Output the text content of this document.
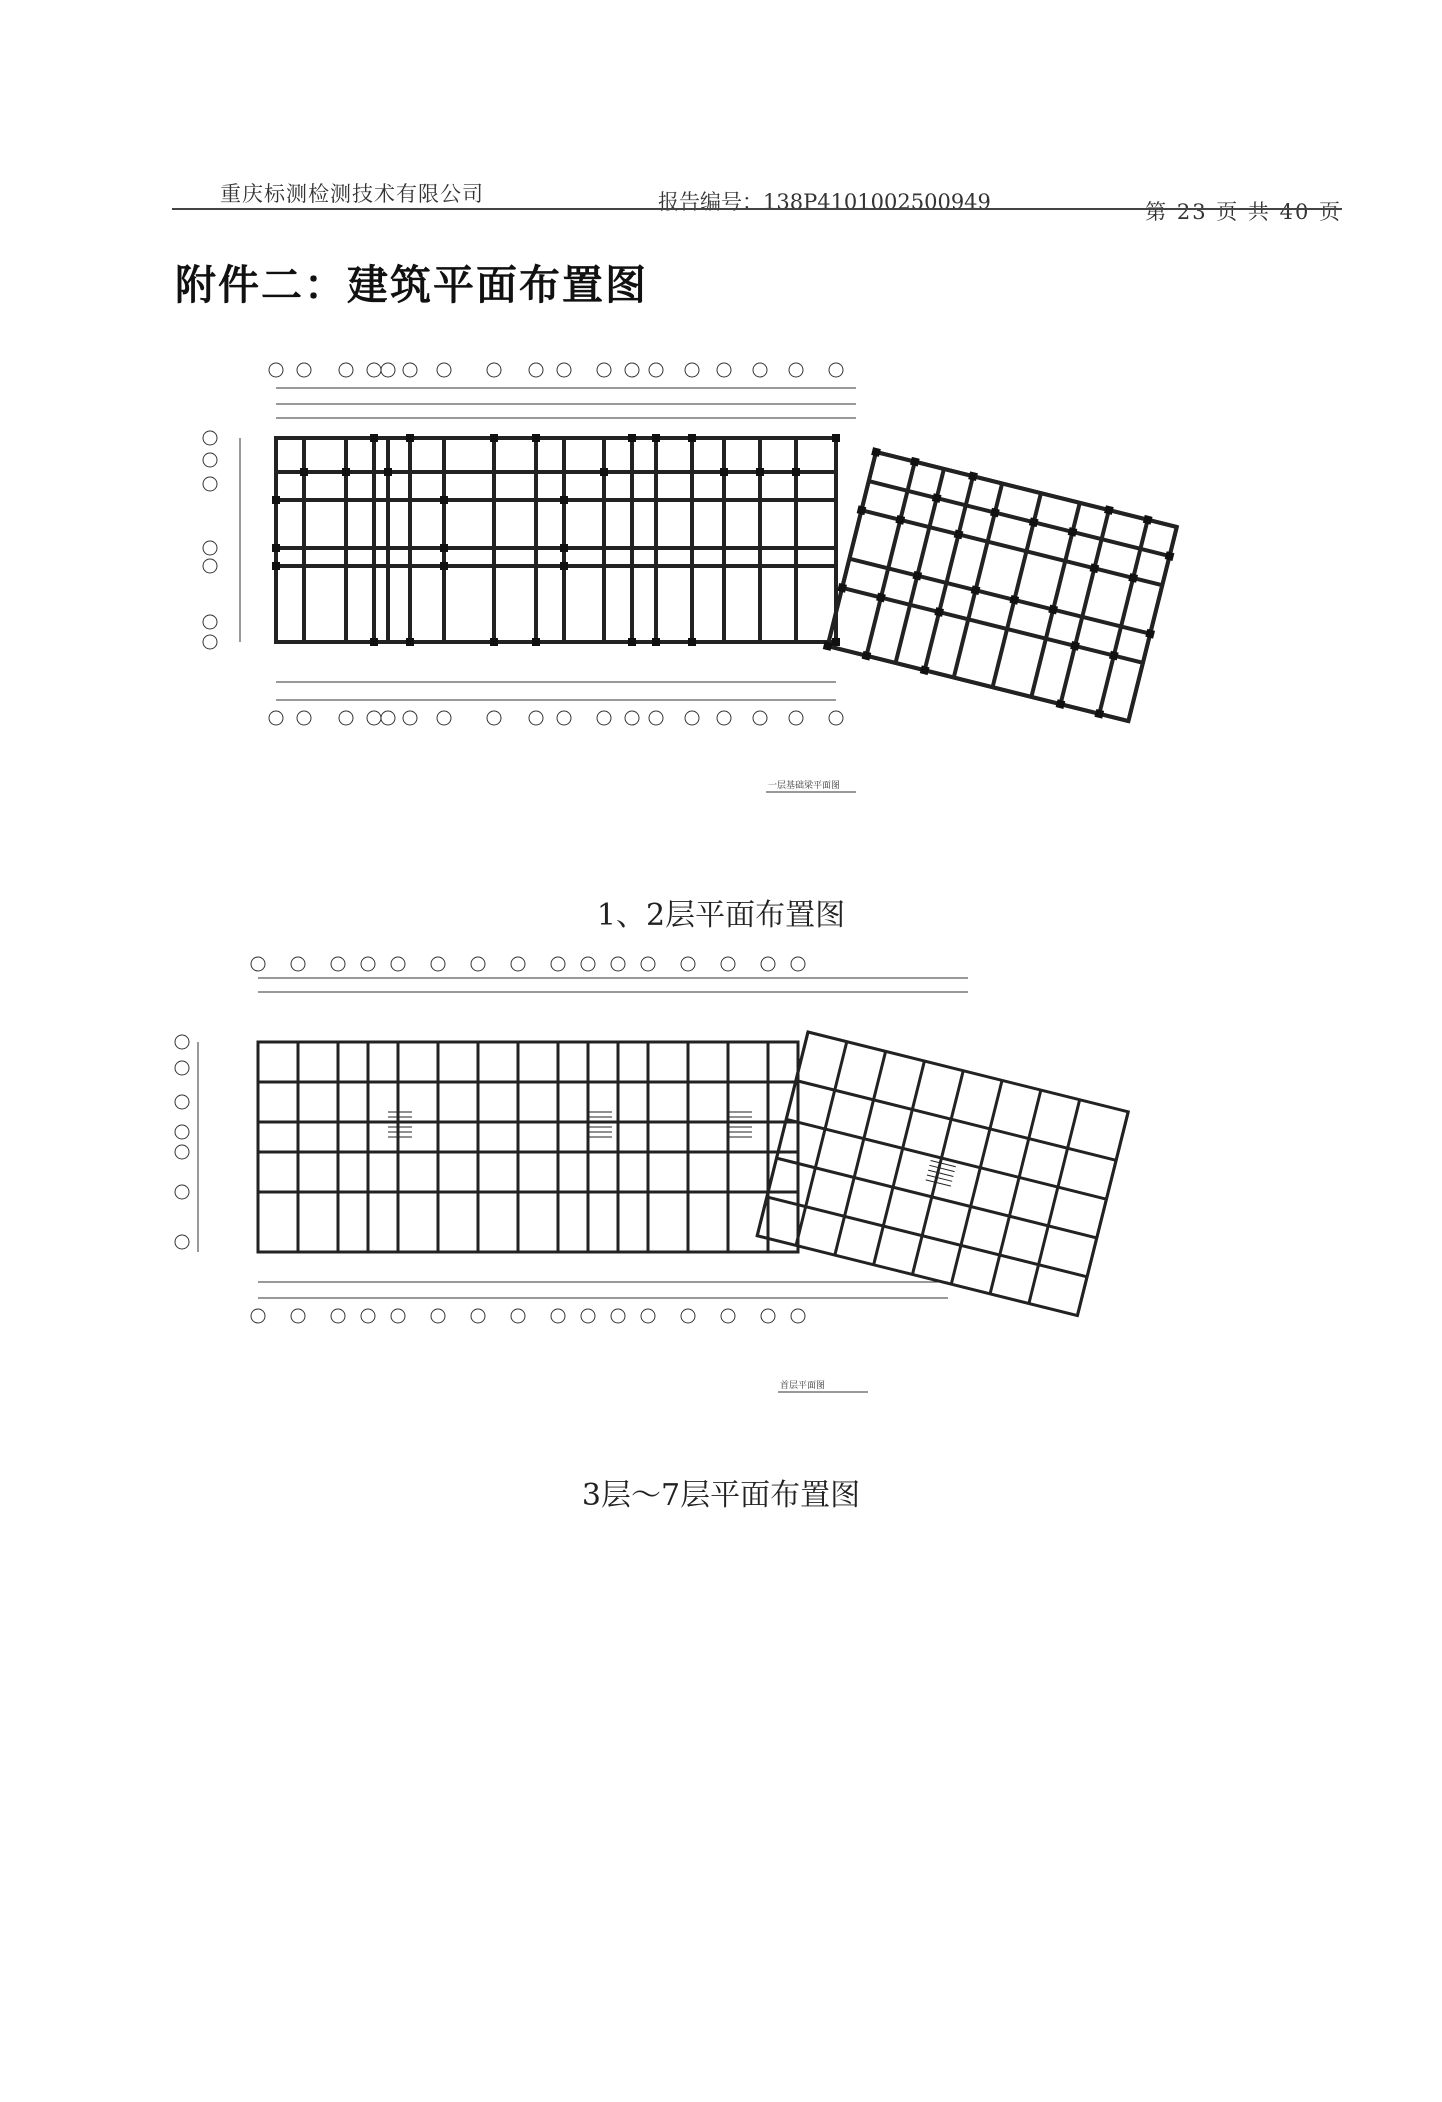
重庆标测检测技术有限公司	报告编号：138P4101002500949	第 23 页 共 40 页
附件二：建筑平面布置图
一层基础梁平面图
1、2层平面布置图
首层平面图
3层～7层平面布置图
